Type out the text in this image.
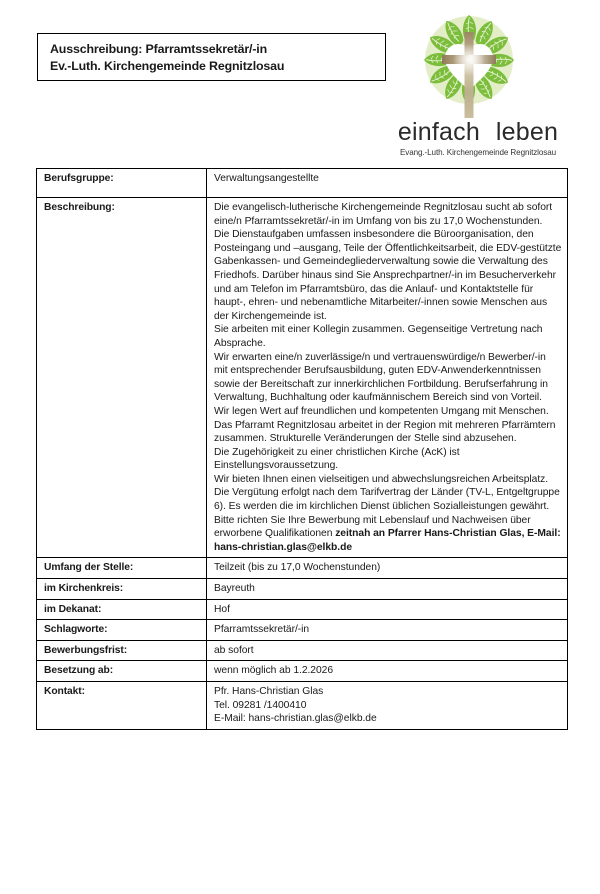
Ausschreibung: Pfarramtssekretär/-in
Ev.-Luth. Kirchengemeinde Regnitzlosau
einfach leben
Evang.-Luth. Kirchengemeinde Regnitzlosau
Berufsgruppe:	Verwaltungsangestellte
Beschreibung:	Die evangelisch-lutherische Kirchengemeinde Regnitzlosau sucht ab sofort eine/n Pfarramtssekretär/-in im Umfang von bis zu 17,0 Wochenstunden.

Die Dienstaufgaben umfassen insbesondere die Büroorganisation, den Posteingang und –ausgang, Teile der Öffentlichkeitsarbeit, die EDV-gestützte Gabenkassen- und Gemeindegliederverwaltung sowie die Verwaltung des Friedhofs. Darüber hinaus sind Sie Ansprechpartner/-in im Besucherverkehr und am Telefon im Pfarramtsbüro, das die Anlauf- und Kontaktstelle für haupt-, ehren- und nebenamtliche Mitarbeiter/-innen sowie Menschen aus der Kirchengemeinde ist.

Sie arbeiten mit einer Kollegin zusammen. Gegenseitige Vertretung nach Absprache.

Wir erwarten eine/n zuverlässige/n und vertrauenswürdige/n Bewerber/-in mit entsprechender Berufsausbildung, guten EDV-Anwenderkenntnissen sowie der Bereitschaft zur innerkirchlichen Fortbildung. Berufserfahrung in Verwaltung, Buchhaltung oder kaufmännischem Bereich sind von Vorteil.

Wir legen Wert auf freundlichen und kompetenten Umgang mit Menschen.

Das Pfarramt Regnitzlosau arbeitet in der Region mit mehreren Pfarrämtern zusammen. Strukturelle Veränderungen der Stelle sind abzusehen.

Die Zugehörigkeit zu einer christlichen Kirche (AcK) ist Einstellungsvoraussetzung.

Wir bieten Ihnen einen vielseitigen und abwechslungsreichen Arbeitsplatz. Die Vergütung erfolgt nach dem Tarifvertrag der Länder (TV-L, Entgeltgruppe 6). Es werden die im kirchlichen Dienst üblichen Sozialleistungen gewährt.

Bitte richten Sie Ihre Bewerbung mit Lebenslauf und Nachweisen über erworbene Qualifikationen zeitnah an Pfarrer Hans-Christian Glas, E-Mail: hans-christian.glas@elkb.de

Umfang der Stelle:	Teilzeit (bis zu 17,0 Wochenstunden)
im Kirchenkreis:	Bayreuth
im Dekanat:	Hof
Schlagworte:	Pfarramtssekretär/-in
Bewerbungsfrist:	ab sofort
Besetzung ab:	wenn möglich ab 1.2.2026
Kontakt:	Pfr. Hans-Christian Glas
Tel. 09281 /1400410
E-Mail: hans-christian.glas@elkb.de
